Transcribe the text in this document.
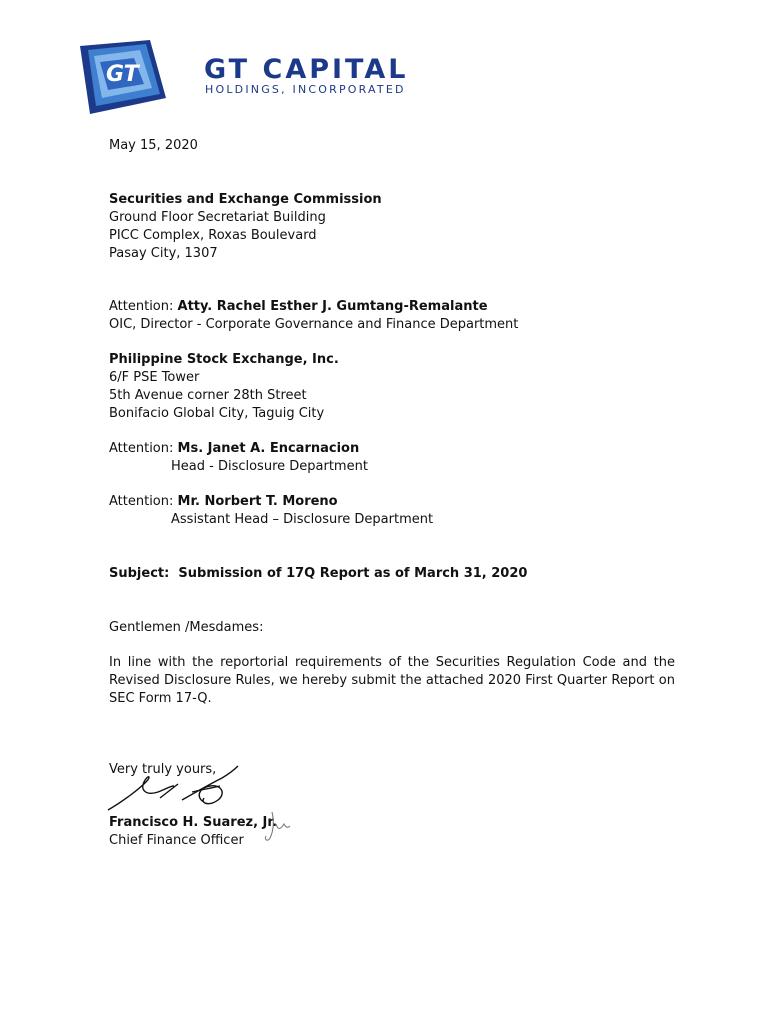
GT GT CAPITAL
HOLDINGS, INCORPORATED
May 15, 2020
Securities and Exchange Commission
Ground Floor Secretariat Building
PICC Complex, Roxas Boulevard
Pasay City, 1307
Attention: Atty. Rachel Esther J. Gumtang-Remalante
OIC, Director - Corporate Governance and Finance Department
Philippine Stock Exchange, Inc.
6/F PSE Tower
5th Avenue corner 28th Street
Bonifacio Global City, Taguig City
Attention: Ms. Janet A. Encarnacion
Head - Disclosure Department
Attention: Mr. Norbert T. Moreno
Assistant Head – Disclosure Department
Subject: Submission of 17Q Report as of March 31, 2020
Gentlemen /Mesdames:
In line with the reportorial requirements of the Securities Regulation Code and the Revised Disclosure Rules, we hereby submit the attached 2020 First Quarter Report on SEC Form 17-Q.
Very truly yours,
Francisco H. Suarez, Jr.
Chief Finance Officer
